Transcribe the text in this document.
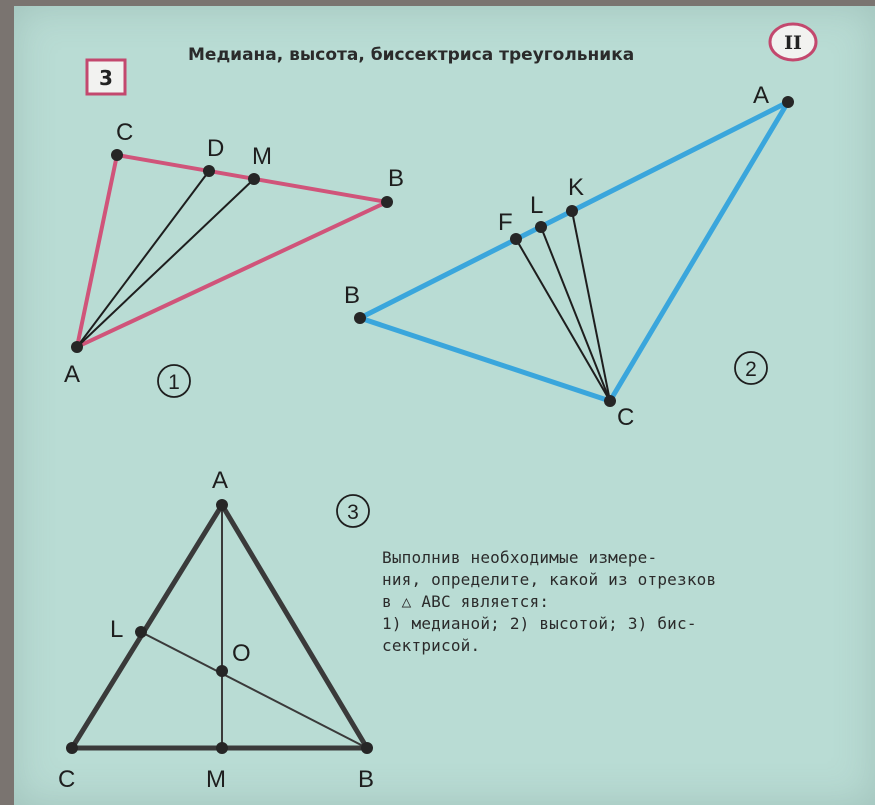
3
Медиана, высота, биссектриса треугольника
II
C
D M
B
A	1
A
B
C
F
L
K
2
A
L
O
C	M	B
3
Выполнив необходимые измере-
ния, определите, какой из отрезков
в △ АВС является:
1) медианой; 2) высотой; 3) бис-
сектрисой.
